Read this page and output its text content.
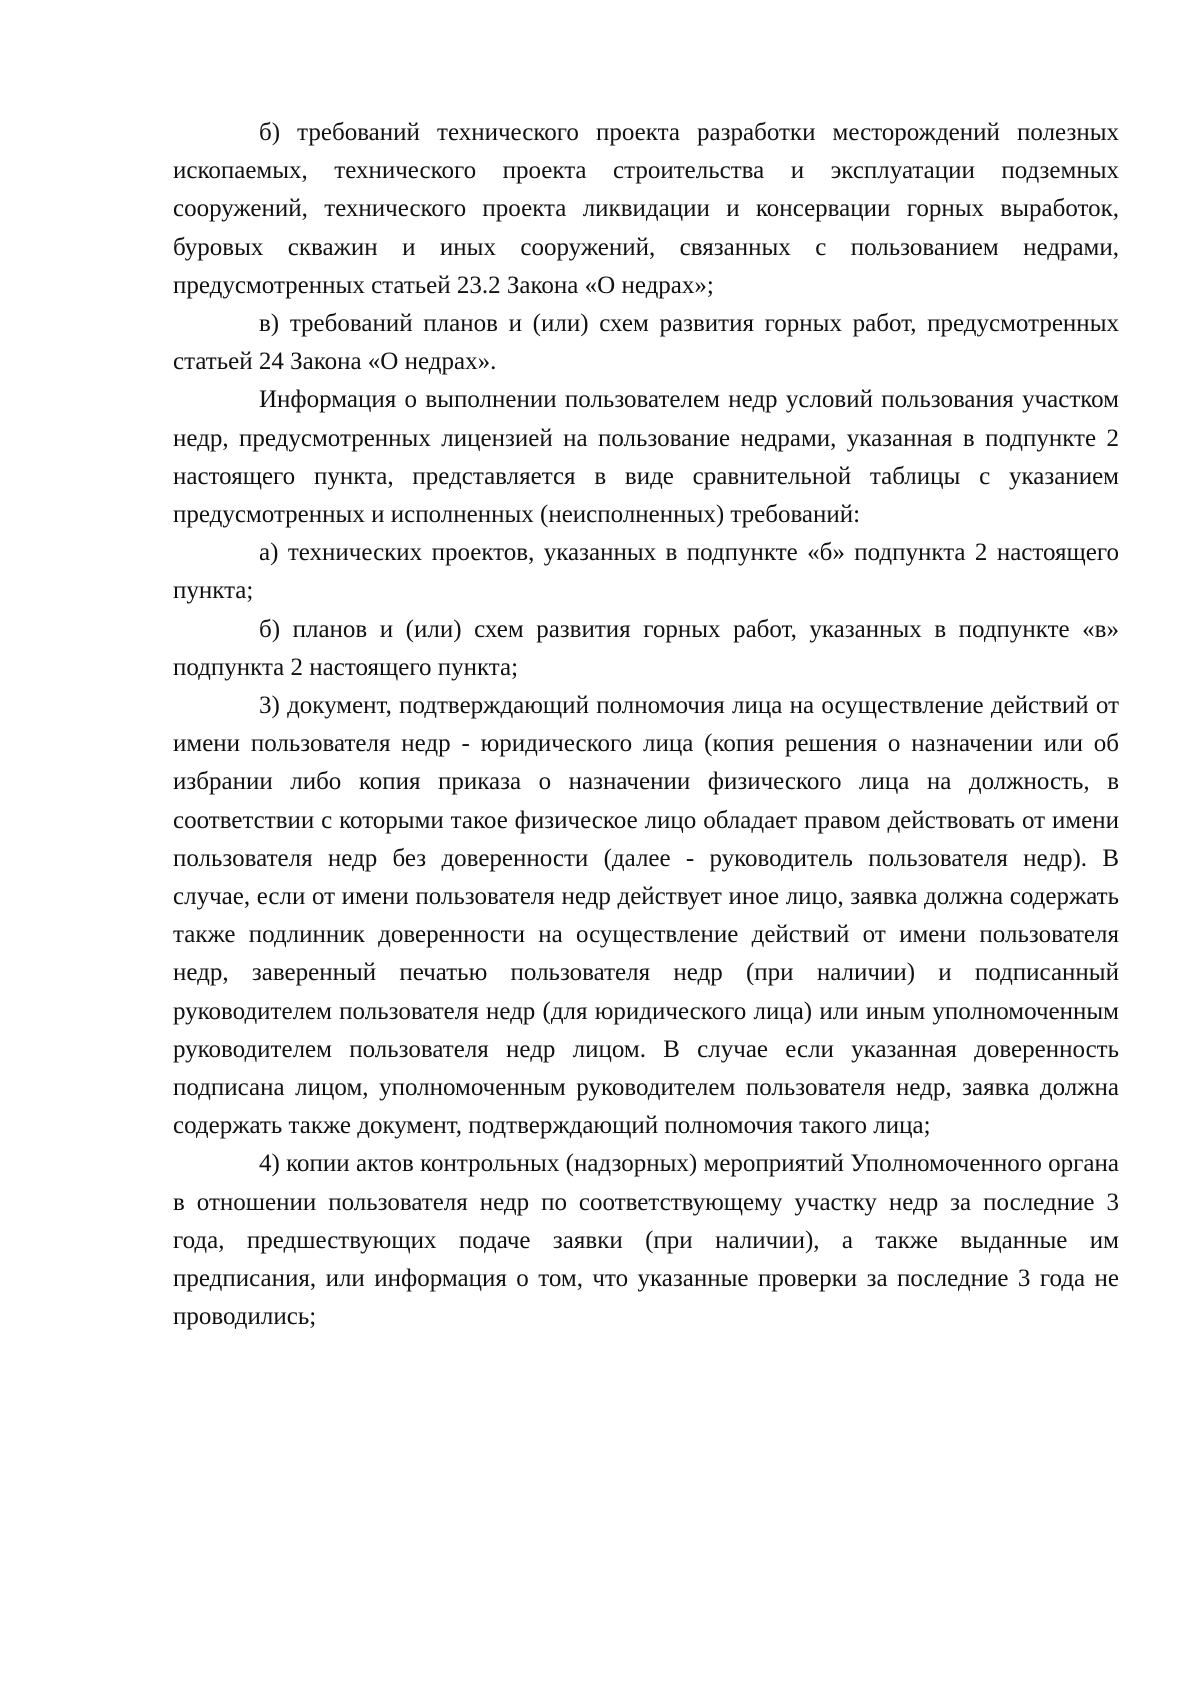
б) требований технического проекта разработки месторождений полезных ископаемых, технического проекта строительства и эксплуатации подземных сооружений, технического проекта ликвидации и консервации горных выработок, буровых скважин и иных сооружений, связанных с пользованием недрами, предусмотренных статьей 23.2 Закона «О недрах»;

в) требований планов и (или) схем развития горных работ, предусмотренных статьей 24 Закона «О недрах».

Информация о выполнении пользователем недр условий пользования участком недр, предусмотренных лицензией на пользование недрами, указанная в подпункте 2 настоящего пункта, представляется в виде сравнительной таблицы с указанием предусмотренных и исполненных (неисполненных) требований:

а) технических проектов, указанных в подпункте «б» подпункта 2 настоящего пункта;

б) планов и (или) схем развития горных работ, указанных в подпункте «в» подпункта 2 настоящего пункта;

3) документ, подтверждающий полномочия лица на осуществление действий от имени пользователя недр - юридического лица (копия решения о назначении или об избрании либо копия приказа о назначении физического лица на должность, в соответствии с которыми такое физическое лицо обладает правом действовать от имени пользователя недр без доверенности (далее - руководитель пользователя недр). В случае, если от имени пользователя недр действует иное лицо, заявка должна содержать также подлинник доверенности на осуществление действий от имени пользователя недр, заверенный печатью пользователя недр (при наличии) и подписанный руководителем пользователя недр (для юридического лица) или иным уполномоченным руководителем пользователя недр лицом. В случае если указанная доверенность подписана лицом, уполномоченным руководителем пользователя недр, заявка должна содержать также документ, подтверждающий полномочия такого лица;

4) копии актов контрольных (надзорных) мероприятий Уполномоченного органа в отношении пользователя недр по соответствующему участку недр за последние 3 года, предшествующих подаче заявки (при наличии), а также выданные им предписания, или информация о том, что указанные проверки за последние 3 года не проводились;
